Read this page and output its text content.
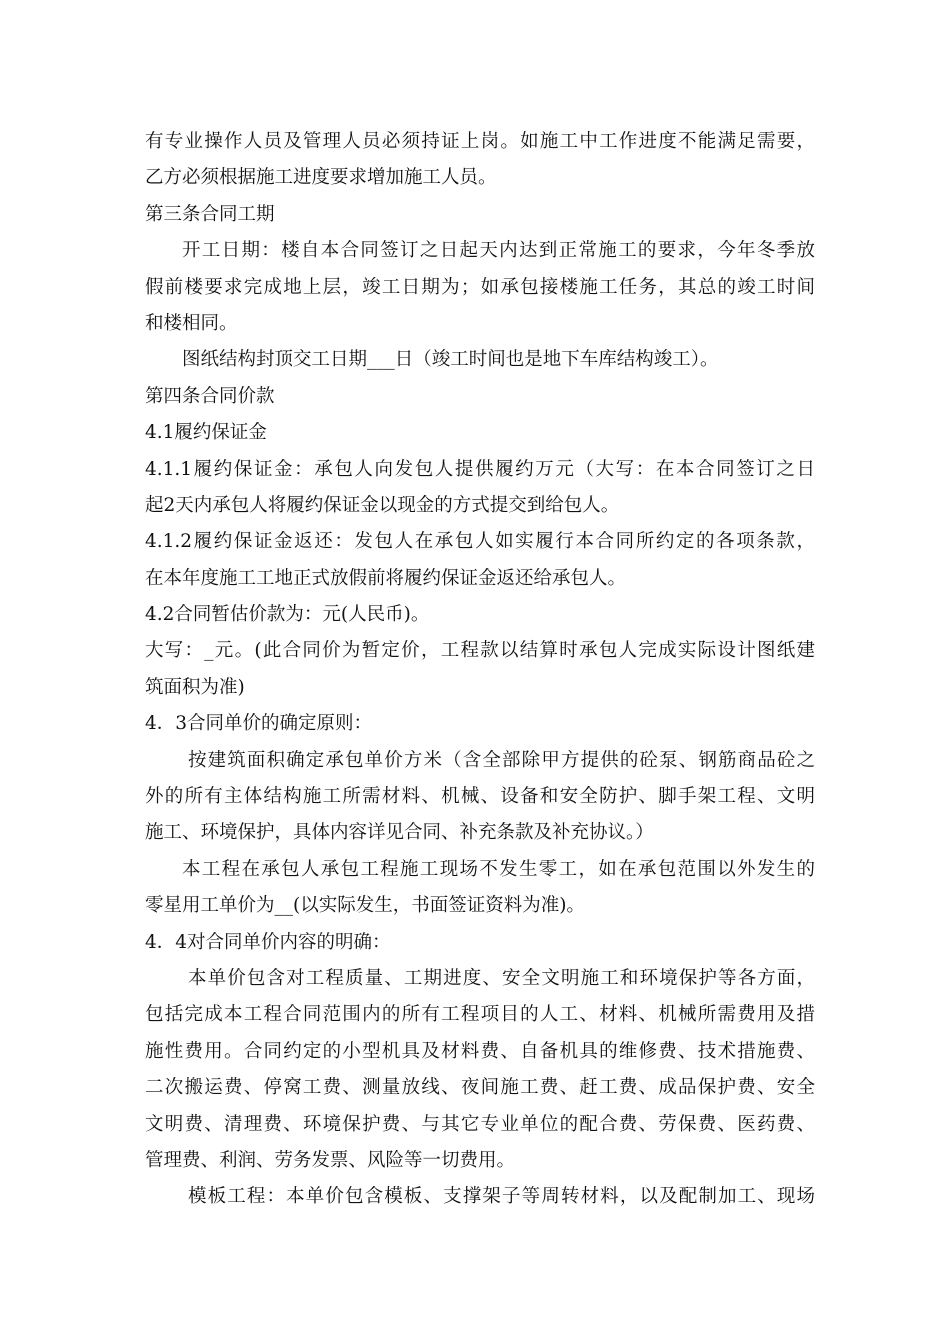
有专业操作人员及管理人员必须持证上岗。如施工中工作进度不能满足需要，
乙方必须根据施工进度要求增加施工人员。
第三条合同工期
开工日期：楼自本合同签订之日起天内达到正常施工的要求，今年冬季放
假前楼要求完成地上层，竣工日期为；如承包接楼施工任务，其总的竣工时间
和楼相同。
图纸结构封顶交工日期___日（竣工时间也是地下车库结构竣工）。
第四条合同价款
4.1履约保证金
4.1.1履约保证金：承包人向发包人提供履约万元（大写：在本合同签订之日
起2天内承包人将履约保证金以现金的方式提交到给包人。
4.1.2履约保证金返还：发包人在承包人如实履行本合同所约定的各项条款，
在本年度施工工地正式放假前将履约保证金返还给承包人。
4.2合同暂估价款为：元(人民币)。
大写：_元。(此合同价为暂定价，工程款以结算时承包人完成实际设计图纸建
筑面积为准)
4．3合同单价的确定原则：
按建筑面积确定承包单价方米（含全部除甲方提供的砼泵、钢筋商品砼之
外的所有主体结构施工所需材料、机械、设备和安全防护、脚手架工程、文明
施工、环境保护，具体内容详见合同、补充条款及补充协议。）
本工程在承包人承包工程施工现场不发生零工，如在承包范围以外发生的
零星用工单价为__(以实际发生，书面签证资料为准)。
4．4对合同单价内容的明确：
本单价包含对工程质量、工期进度、安全文明施工和环境保护等各方面，
包括完成本工程合同范围内的所有工程项目的人工、材料、机械所需费用及措
施性费用。合同约定的小型机具及材料费、自备机具的维修费、技术措施费、
二次搬运费、停窝工费、测量放线、夜间施工费、赶工费、成品保护费、安全
文明费、清理费、环境保护费、与其它专业单位的配合费、劳保费、医药费、
管理费、利润、劳务发票、风险等一切费用。
模板工程：本单价包含模板、支撑架子等周转材料，以及配制加工、现场
